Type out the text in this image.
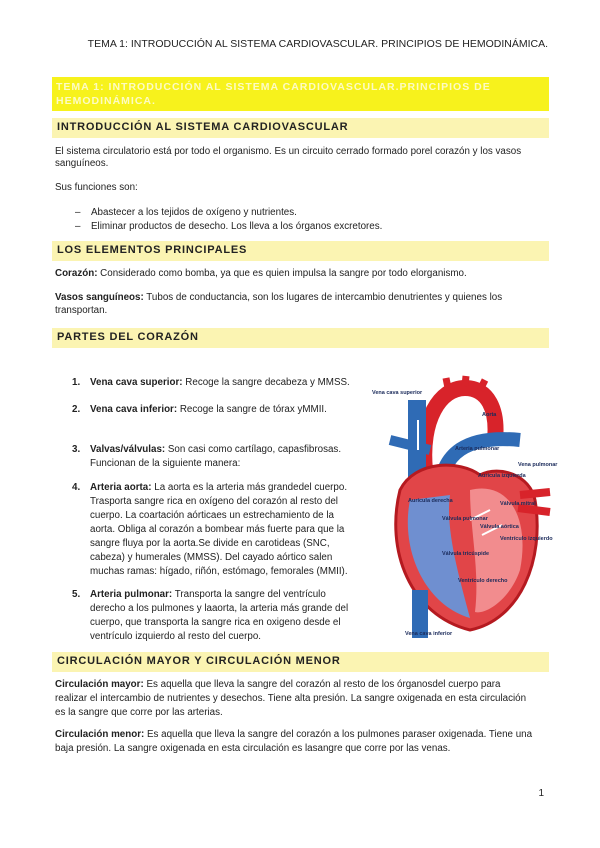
TEMA 1: INTRODUCCIÓN AL SISTEMA CARDIOVASCULAR. PRINCIPIOS DE HEMODINÁMICA.
TEMA 1: INTRODUCCIÓN AL SISTEMA CARDIOVASCULAR.PRINCIPIOS DE HEMODINÁMICA.
INTRODUCCIÓN AL SISTEMA CARDIOVASCULAR
El sistema circulatorio está por todo el organismo. Es un circuito cerrado formado porel corazón y los vasos
sanguíneos.
Sus funciones son:
– Abastecer a los tejidos de oxígeno y nutrientes.
– Eliminar productos de desecho. Los lleva a los órganos excretores.
LOS ELEMENTOS PRINCIPALES
Corazón: Considerado como bomba, ya que es quien impulsa la sangre por todo elorganismo.
Vasos sanguíneos: Tubos de conductancia, son los lugares de intercambio denutrientes y quienes los
transportan.
PARTES DEL CORAZÓN
1. Vena cava superior: Recoge la sangre decabeza y MMSS.
2. Vena cava inferior: Recoge la sangre de tórax yMMII.
3. Valvas/válvulas: Son casi como cartílago, capasfibrosas.
Funcionan de la siguiente manera:
4. Arteria aorta: La aorta es la arteria más grandedel cuerpo.
Trasporta sangre rica en oxígeno del corazón al resto del
cuerpo. La coartación aórticaes un estrechamiento de la
aorta. Obliga al corazón a bombear más fuerte para que la
sangre fluya por la aorta.Se divide en carotideas (SNC,
cabeza) y humerales (MMSS). Del cayado aórtico salen
muchas ramas: hígado, riñón, estómago, femorales (MMII).
5. Arteria pulmonar: Transporta la sangre del ventrículo
derecho a los pulmones y laaorta, la arteria más grande del
cuerpo, que transporta la sangre rica en oxigeno desde el
ventrículo izquierdo al resto del cuerpo.
Vena cava superior
Aorta
Arteria pulmonar
Vena pulmonar
Aurícula izquierda
Válvula mitral
Aurícula derecha
Válvula pulmonar
Válvula aórtica
Ventrículo izquierdo
Válvula tricúspide
Ventrículo derecho
Vena cava inferior
CIRCULACIÓN MAYOR Y CIRCULACIÓN MENOR
Circulación mayor: Es aquella que lleva la sangre del corazón al resto de los órganosdel cuerpo para
realizar el intercambio de nutrientes y desechos. Tiene alta presión. La sangre oxigenada en esta circulación
es la sangre que corre por las arterias.
Circulación menor: Es aquella que lleva la sangre del corazón a los pulmones paraser oxigenada. Tiene una
baja presión. La sangre oxigenada en esta circulación es lasangre que corre por las venas.
1
